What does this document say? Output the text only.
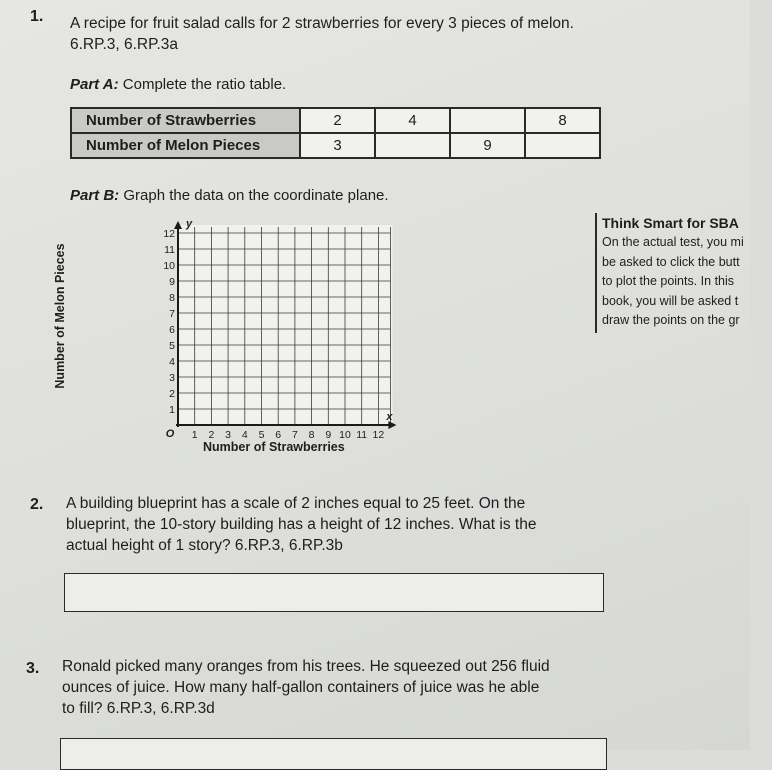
1. A recipe for fruit salad calls for 2 strawberries for every 3 pieces of melon.
6.RP.3, 6.RP.3a
Part A: Complete the ratio table.
Number of Strawberries	2	4		8
Number of Melon Pieces	3		9	
Part B: Graph the data on the coordinate plane.
1 2 3 4 5 6 7 8 9 10 11 12
1
2
3
4
5
6
7
8
9
10
11
12
O
y
x
Number of Melon Pieces
Number of Strawberries
Think Smart for SBA
On the actual test, you mi
be asked to click the butt
to plot the points. In this
book, you will be asked t
draw the points on the gr
2. A building blueprint has a scale of 2 inches equal to 25 feet. On the
blueprint, the 10-story building has a height of 12 inches. What is the
actual height of 1 story? 6.RP.3, 6.RP.3b
3. Ronald picked many oranges from his trees. He squeezed out 256 fluid
ounces of juice. How many half-gallon containers of juice was he able
to fill? 6.RP.3, 6.RP.3d
